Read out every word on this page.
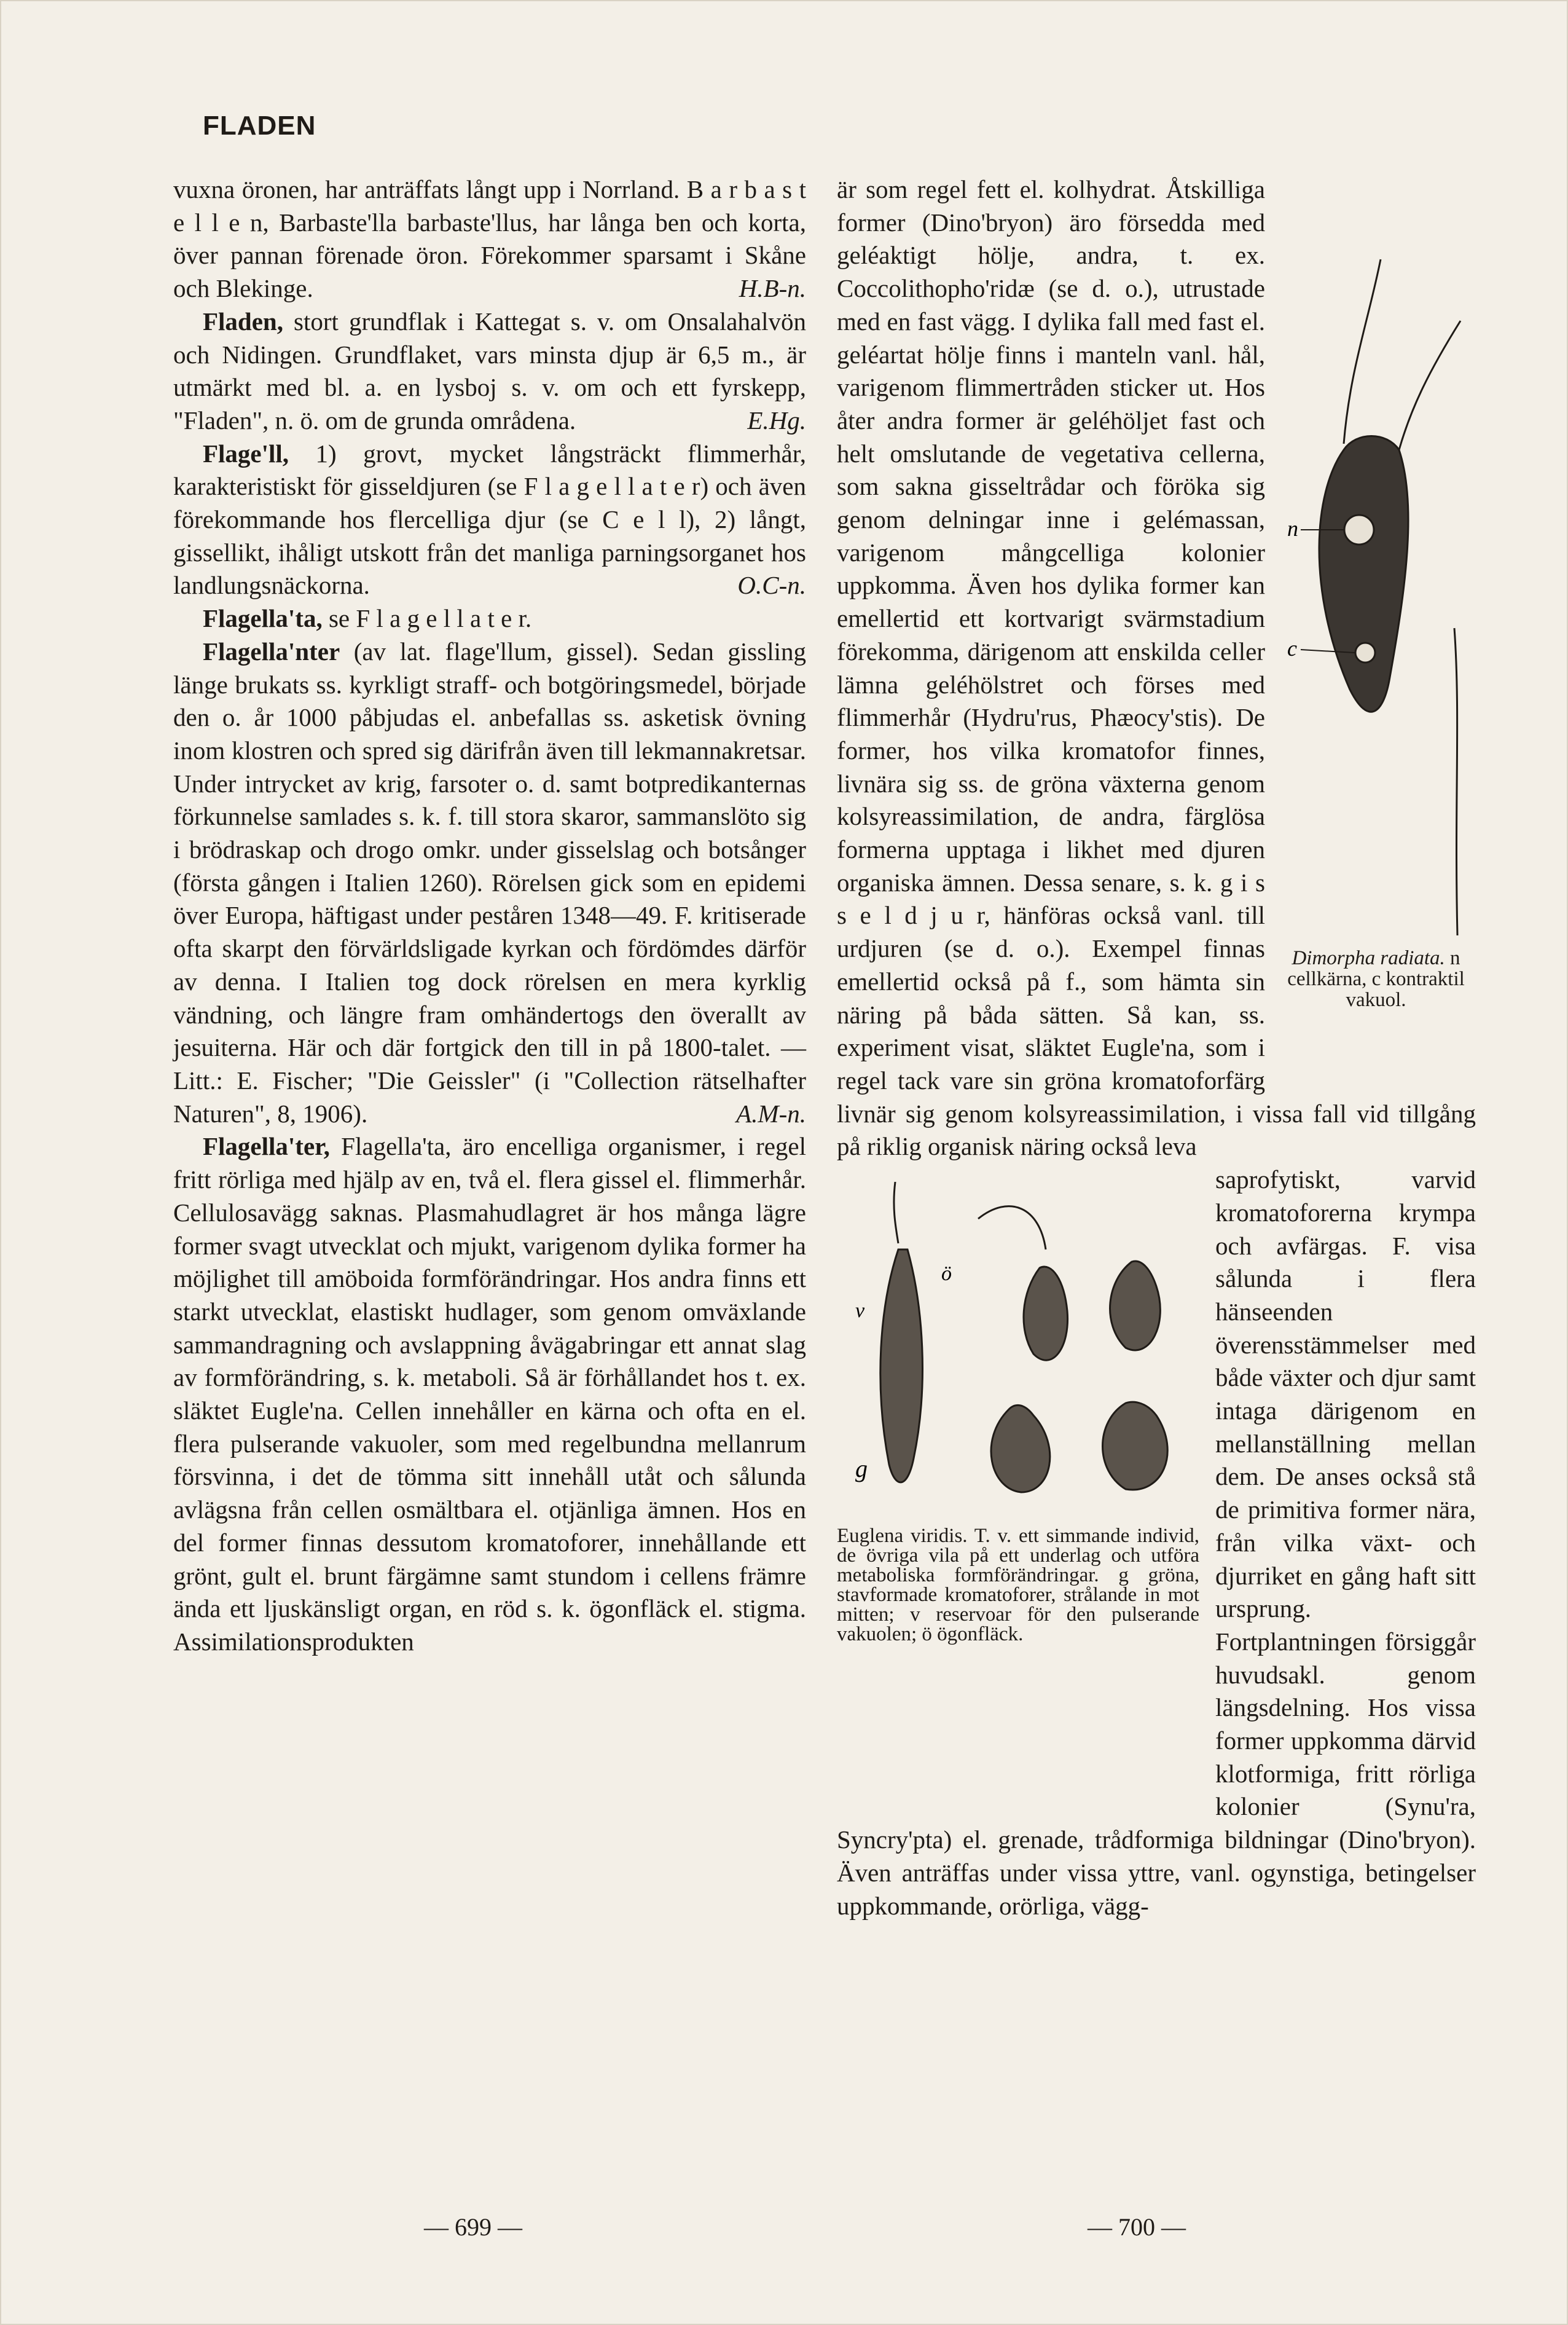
FLADEN

vuxna öronen, har anträffats långt upp i Norrland. B a r b a s t e l l e n, Barbaste'lla barbaste'llus, har långa ben och korta, över pannan förenade öron. Förekommer sparsamt i Skåne och Blekinge.	H.B-n.

Fladen, stort grundflak i Kattegat s. v. om Onsalahalvön och Nidingen. Grundflaket, vars minsta djup är 6,5 m., är utmärkt med bl. a. en lysboj s. v. om och ett fyrskepp, "Fladen", n. ö. om de grunda områdena.	E.Hg.

Flage'll, 1) grovt, mycket långsträckt flimmerhår, karakteristiskt för gisseldjuren (se F l a g e l l a t e r) och även förekommande hos flercelliga djur (se C e l l), 2) långt, gissellikt, ihåligt utskott från det manliga parningsorganet hos landlungsnäckorna.	O.C-n.

Flagella'ta, se F l a g e l l a t e r.

Flagella'nter (av lat. flage'llum, gissel). Sedan gissling länge brukats ss. kyrkligt straff- och botgöringsmedel, började den o. år 1000 påbjudas el. anbefallas ss. asketisk övning inom klostren och spred sig därifrån även till lekmannakretsar. Under intrycket av krig, farsoter o. d. samt botpredikanternas förkunnelse samlades s. k. f. till stora skaror, sammanslöto sig i brödraskap och drogo omkr. under gisselslag och botsånger (första gången i Italien 1260). Rörelsen gick som en epidemi över Europa, häftigast under peståren 1348—49. F. kritiserade ofta skarpt den förvärldsligade kyrkan och fördömdes därför av denna. I Italien tog dock rörelsen en mera kyrklig vändning, och längre fram omhändertogs den överallt av jesuiterna. Här och där fortgick den till in på 1800-talet. — Litt.: E. Fischer; "Die Geissler" (i "Collection rätselhafter Naturen", 8, 1906).	A.M-n.

Flagella'ter, Flagella'ta, äro encelliga organismer, i regel fritt rörliga med hjälp av en, två el. flera gissel el. flimmerhår. Cellulosavägg saknas. Plasmahudlagret är hos många lägre former svagt utvecklat och mjukt, varigenom dylika former ha möjlighet till amöboida formförändringar. Hos andra finns ett starkt utvecklat, elastiskt hudlager, som genom omväxlande sammandragning och avslappning åvägabringar ett annat slag av formförändring, s. k. metaboli. Så är förhållandet hos t. ex. släktet Eugle'na. Cellen innehåller en kärna och ofta en el. flera pulserande vakuoler, som med regelbundna mellanrum försvinna, i det de tömma sitt innehåll utåt och sålunda avlägsna från cellen osmältbara el. otjänliga ämnen. Hos en del former finnas dessutom kromatoforer, innehållande ett grönt, gult el. brunt färgämne samt stundom i cellens främre ända ett ljuskänsligt organ, en röd s. k. ögonfläck el. stigma. Assimilationsprodukten

n
c
Dimorpha radiata. n cellkärna, c kontraktil vakuol.

är som regel fett el. kolhydrat. Åtskilliga former (Dino'bryon) äro försedda med geléaktigt hölje, andra, t. ex. Coccolithopho'ridæ (se d. o.), utrustade med en fast vägg. I dylika fall med fast el. geléartat hölje finns i manteln vanl. hål, varigenom flimmertråden sticker ut. Hos åter andra former är geléhöljet fast och helt omslutande de vegetativa cellerna, som sakna gisseltrådar och föröka sig genom delningar inne i gelémassan, varigenom mångcelliga kolonier uppkomma. Även hos dylika former kan emellertid ett kortvarigt svärmstadium förekomma, därigenom att enskilda celler lämna geléhölstret och förses med flimmerhår (Hydru'rus, Phæocy'stis). De former, hos vilka kromatofor finnes, livnära sig ss. de gröna växterna genom kolsyreassimilation, de andra, färglösa formerna upptaga i likhet med djuren organiska ämnen. Dessa senare, s. k. g i s s e l d j u r, hänföras också vanl. till urdjuren (se d. o.). Exempel finnas emellertid också på f., som hämta sin näring på båda sätten. Så kan, ss. experiment visat, släktet Eugle'na, som i regel tack vare sin gröna kromatoforfärg livnär sig genom kolsyreassimilation, i vissa fall vid tillgång på riklig organisk näring också leva

v
ö
g
Euglena viridis. T. v. ett simmande individ, de övriga vila på ett underlag och utföra metaboliska formförändringar. g gröna, stavformade kromatoforer, strålande in mot mitten; v reservoar för den pulserande vakuolen; ö ögonfläck.

saprofytiskt, varvid kromatoforerna krympa och avfärgas. F. visa sålunda i flera hänseenden överensstämmelser med både växter och djur samt intaga därigenom en mellanställning mellan dem. De anses också stå de primitiva former nära, från vilka växt- och djurriket en gång haft sitt ursprung. Fortplantningen försiggår huvudsakl. genom längsdelning. Hos vissa former uppkomma därvid klotformiga, fritt rörliga kolonier (Synu'ra, Syncry'pta) el. grenade, trådformiga bildningar (Dino'bryon). Även anträffas under vissa yttre, vanl. ogynstiga, betingelser uppkommande, orörliga, vägg-

— 699 —	— 700 —
